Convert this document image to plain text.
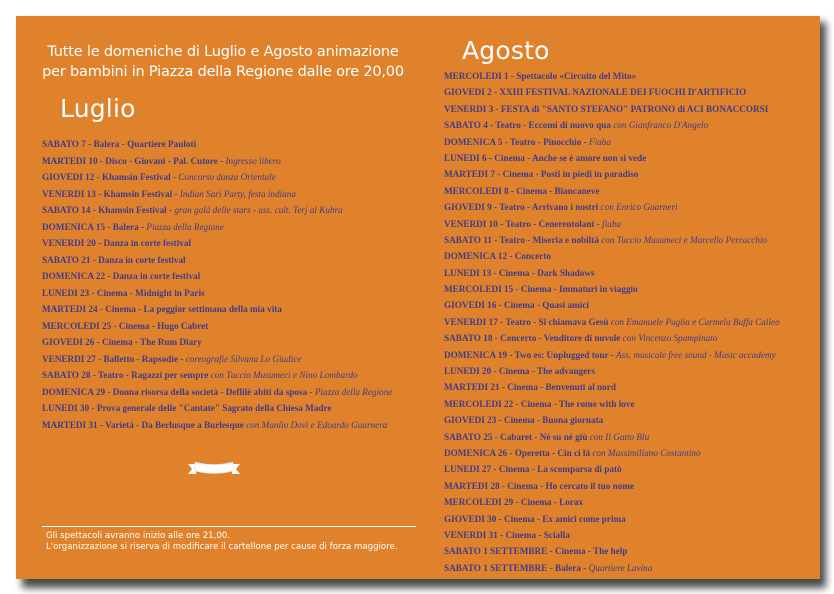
Tutte le domeniche di Luglio e Agosto animazione
per bambini in Piazza della Regione dalle ore 20,00
Luglio
SABATO 7 - Balera - Quartiere Pauloti
MARTEDI 10 - Disco - Giovani - Pal. Cutore - Ingresso libero
GIOVEDI 12 - Khamsin Festival - Concorso danza Orientale
VENERDI 13 - Khamsin Festival - Indian Sari Party, festa indiana
SABATO 14 - Khamsin Festival - gran galà delle stars - ass. cult. Terj al Kubra
DOMENICA 15 - Balera - Piazza della Regione
VENERDI 20 - Danza in corte festival
SABATO 21 - Danza in corte festival
DOMENICA 22 - Danza in corte festival
LUNEDI 23 - Cinema - Midnight in Paris
MARTEDI 24 - Cinema - La peggior settimana della mia vita
MERCOLEDI 25 - Cinema - Hugo Cabret
GIOVEDI 26 - Cinema - The Rum Diary
VENERDI 27 - Balletto - Rapsodie - coreografie Silvana Lo Giudice
SABATO 28 - Teatro - Ragazzi per sempre con Tuccio Musumeci e Nino Lombardo
DOMENICA 29 - Donna risorsa della società - Deflilè abiti da sposa - Piazza della Regione
LUNEDI 30 - Prova generale delle "Cantate" Sagrato della Chiesa Madre
MARTEDI 31 - Varietà - Da Berlusque a Burlesque con Manlio Dovì e Edoardo Guarnera
Gli spettacoli avranno inizio alle ore 21,00.
L'organizzazione si riserva di modificare il cartellone per cause di forza maggiore.
Agosto
MERCOLEDI 1 - Spettacolo «Circuito del Mito»
GIOVEDI 2 - XXIII FESTIVAL NAZIONALE DEI FUOCHI D'ARTIFICIO
VENERDI 3 - FESTA di "SANTO STEFANO" PATRONO di ACI BONACCORSI
SABATO 4 - Teatro - Eccomi di nuovo qua con Gianfranco D'Angelo
DOMENICA 5 - Teatro - Pinocchio - Fiaba
LUNEDI 6 - Cinema - Anche se è amore non si vede
MARTEDI 7 - Cinema - Posti in piedi in paradiso
MERCOLEDI 8 - Cinema - Biancaneve
GIOVEDI 9 - Teatro - Arrivano i nostri con Enrico Guarneri
VENERDI 10 - Teatro - Cenerentolant - fiaba
SABATO 11 - Teatro - Miseria e nobiltà con Tuccio Musumeci e Marcello Perracchio
DOMENICA 12 - Concerto
LUNEDI 13 - Cinema - Dark Shadows
MERCOLEDI 15 - Cinema - Immaturi in viaggio
GIOVEDI 16 - Cinema - Quasi amici
VENERDI 17 - Teatro - Si chiamava Gesù con Emanuele Puglia e Carmela Buffa Calleo
SABATO 18 - Concerto - Venditore di nuvole con Vincenzo Spampinato
DOMENICA 19 - Two es: Unplugged tour - Ass. musicale free sound - Music accademy
LUNEDI 20 - Cinema - The advangers
MARTEDI 21 - Cinema - Benvenuti al nord
MERCOLEDI 22 - Cinema - The rome with love
GIOVEDI 23 - Cinema - Buona giornata
SABATO 25 - Cabaret - Né su né giù con Il Gatto Blu
DOMENICA 26 - Operetta - Cin ci là con Massimiliano Costantino
LUNEDI 27 - Cinema - La scomparsa di patò
MARTEDI 28 - Cinema - Ho cercato il tuo nome
MERCOLEDI 29 - Cinema - Lorax
GIOVEDI 30 - Cinema - Ex amici come prima
VENERDI 31 - Cinema - Scialla
SABATO 1 SETTEMBRE - Cinema - The help
SABATO 1 SETTEMBRE - Balera - Quartiere Lavina
